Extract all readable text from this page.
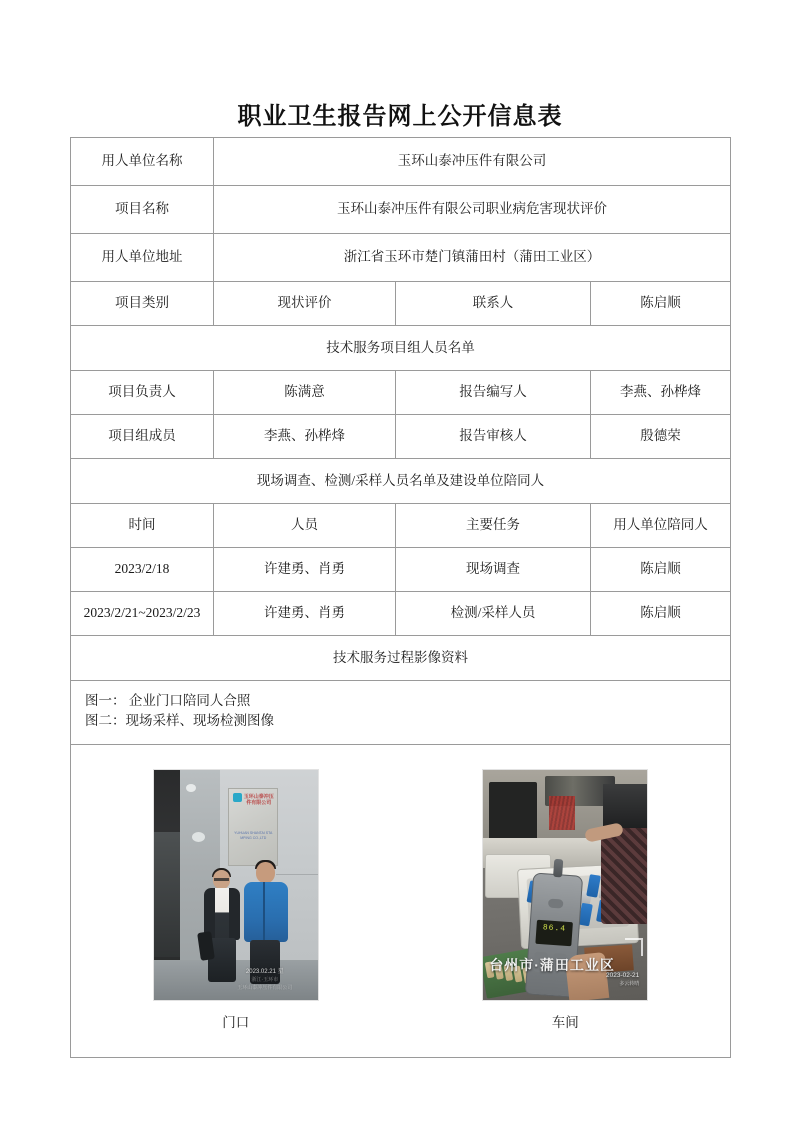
职业卫生报告网上公开信息表
用人单位名称	玉环山泰冲压件有限公司		
项目名称	玉环山泰冲压件有限公司职业病危害现状评价		
用人单位地址	浙江省玉环市楚门镇蒲田村（蒲田工业区）		
项目类别	现状评价	联系人	陈启顺
技术服务项目组人员名单			
项目负责人	陈满意	报告编写人	李燕、孙桦烽
项目组成员	李燕、孙桦烽	报告审核人	殷德荣
现场调查、检测/采样人员名单及建设单位陪同人			
时间	人员	主要任务	用人单位陪同人
2023/2/18	许建勇、肖勇	现场调查	陈启顺
2023/2/21~2023/2/23	许建勇、肖勇	检测/采样人员	陈启顺
技术服务过程影像资料			

图一： 企业门口陪同人合照
图二：现场采样、现场检测图像			

玉环山泰冲压件有限公司
YUHUAN SHANTAI STAMPING CO.,LTD
2023.02.21 星
浙江·玉环市
玉环山泰冲压件有限公司
门口
86.4
台州市·蒲田工业区
2023-02-21
多云转晴
车间
